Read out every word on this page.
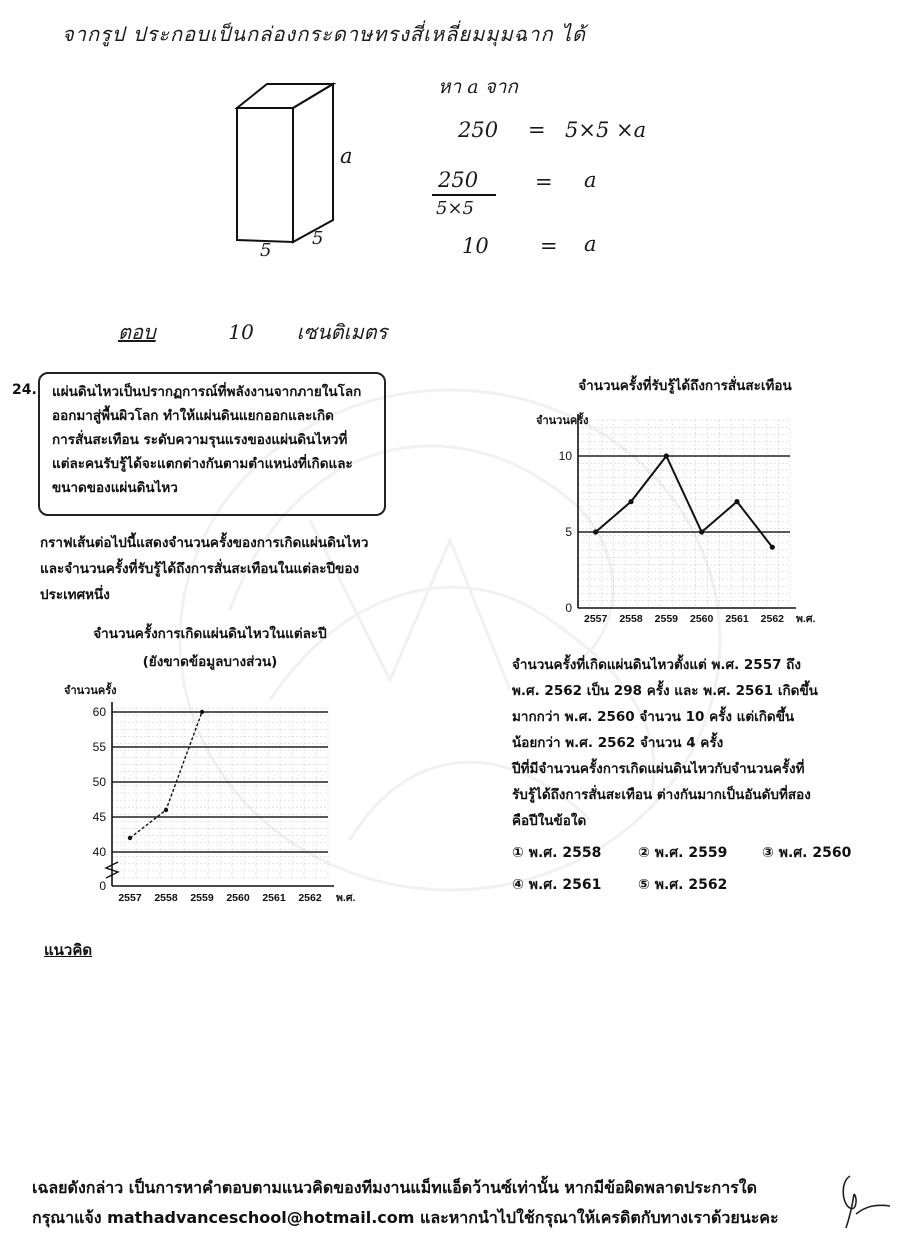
จากรูป ประกอบเป็นกล่องกระดาษทรงสี่เหลี่ยมมุมฉาก ได้
a
5
5
หา a จาก
250 = 5×5 ×a
250
5×5
= a
10 = a
ตอบ	10 เซนติเมตร
24. แผ่นดินไหวเป็นปรากฏการณ์ที่พลังงานจากภายในโลก
ออกมาสู่พื้นผิวโลก ทำให้แผ่นดินแยกออกและเกิด
การสั่นสะเทือน ระดับความรุนแรงของแผ่นดินไหวที่
แต่ละคนรับรู้ได้จะแตกต่างกันตามตำแหน่งที่เกิดและ
ขนาดของแผ่นดินไหว
กราฟเส้นต่อไปนี้แสดงจำนวนครั้งของการเกิดแผ่นดินไหว
และจำนวนครั้งที่รับรู้ได้ถึงการสั่นสะเทือนในแต่ละปีของ
ประเทศหนึ่ง
จำนวนครั้งการเกิดแผ่นดินไหวในแต่ละปี
(ยังขาดข้อมูลบางส่วน)
0
40
45
50
55
60
จำนวนครั้ง
2557 2558 2559 2560 2561 2562 พ.ศ.
จำนวนครั้งที่รับรู้ได้ถึงการสั่นสะเทือน
0
5
10
จำนวนครั้ง
2557 2558 2559 2560 2561 2562 พ.ศ.
จำนวนครั้งที่เกิดแผ่นดินไหวตั้งแต่ พ.ศ. 2557 ถึง
พ.ศ. 2562 เป็น 298 ครั้ง และ พ.ศ. 2561 เกิดขึ้น
มากกว่า พ.ศ. 2560 จำนวน 10 ครั้ง แต่เกิดขึ้น
น้อยกว่า พ.ศ. 2562 จำนวน 4 ครั้ง
ปีที่มีจำนวนครั้งการเกิดแผ่นดินไหวกับจำนวนครั้งที่
รับรู้ได้ถึงการสั่นสะเทือน ต่างกันมากเป็นอันดับที่สอง
คือปีในข้อใด
① พ.ศ. 2558	② พ.ศ. 2559 ③ พ.ศ. 2560
④ พ.ศ. 2561	⑤ พ.ศ. 2562
แนวคิด
เฉลยดังกล่าว เป็นการหาคำตอบตามแนวคิดของทีมงานแม็ทแอ็ดว้านซ์เท่านั้น หากมีข้อผิดพลาดประการใด
กรุณาแจ้ง mathadvanceschool@hotmail.com และหากนำไปใช้กรุณาให้เครดิตกับทางเราด้วยนะคะ
